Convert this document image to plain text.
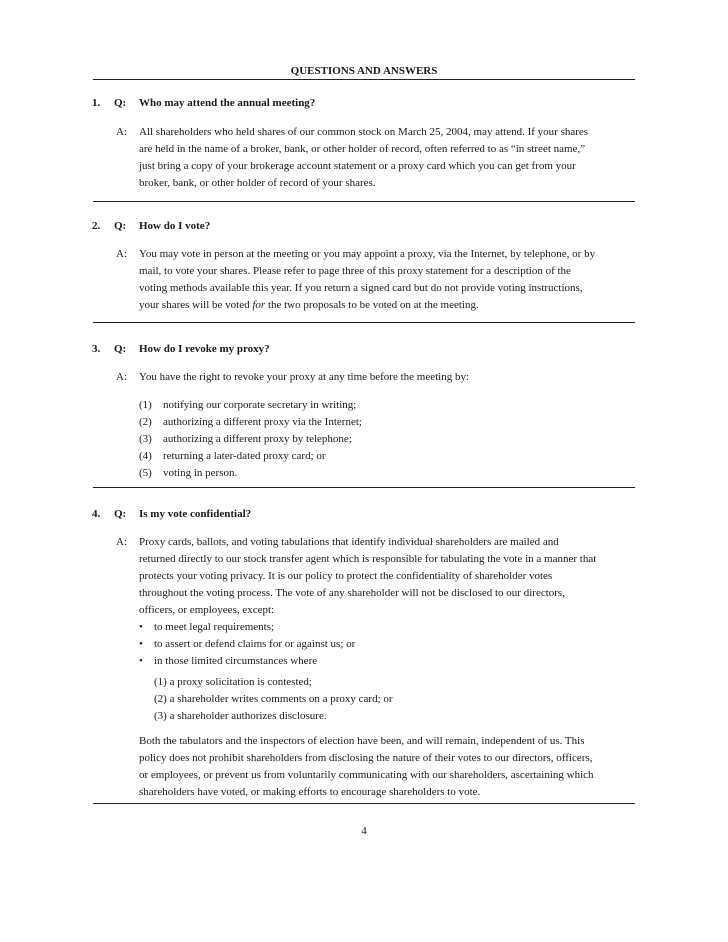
QUESTIONS AND ANSWERS
1. Q: Who may attend the annual meeting?
A: All shareholders who held shares of our common stock on March 25, 2004, may attend. If your shares
are held in the name of a broker, bank, or other holder of record, often referred to as “in street name,”
just bring a copy of your brokerage account statement or a proxy card which you can get from your
broker, bank, or other holder of record of your shares.
2. Q: How do I vote?
A: You may vote in person at the meeting or you may appoint a proxy, via the Internet, by telephone, or by
mail, to vote your shares. Please refer to page three of this proxy statement for a description of the
voting methods available this year. If you return a signed card but do not provide voting instructions,
your shares will be voted for the two proposals to be voted on at the meeting.
3. Q: How do I revoke my proxy?
A: You have the right to revoke your proxy at any time before the meeting by:
(1) notifying our corporate secretary in writing;
(2) authorizing a different proxy via the Internet;
(3) authorizing a different proxy by telephone;
(4) returning a later-dated proxy card; or
(5) voting in person.
4. Q: Is my vote confidential?
A: Proxy cards, ballots, and voting tabulations that identify individual shareholders are mailed and
returned directly to our stock transfer agent which is responsible for tabulating the vote in a manner that
protects your voting privacy. It is our policy to protect the confidentiality of shareholder votes
throughout the voting process. The vote of any shareholder will not be disclosed to our directors,
officers, or employees, except:
• to meet legal requirements;
• to assert or defend claims for or against us; or
• in those limited circumstances where
(1) a proxy solicitation is contested;
(2) a shareholder writes comments on a proxy card; or
(3) a shareholder authorizes disclosure.
Both the tabulators and the inspectors of election have been, and will remain, independent of us. This
policy does not prohibit shareholders from disclosing the nature of their votes to our directors, officers,
or employees, or prevent us from voluntarily communicating with our shareholders, ascertaining which
shareholders have voted, or making efforts to encourage shareholders to vote.
4
